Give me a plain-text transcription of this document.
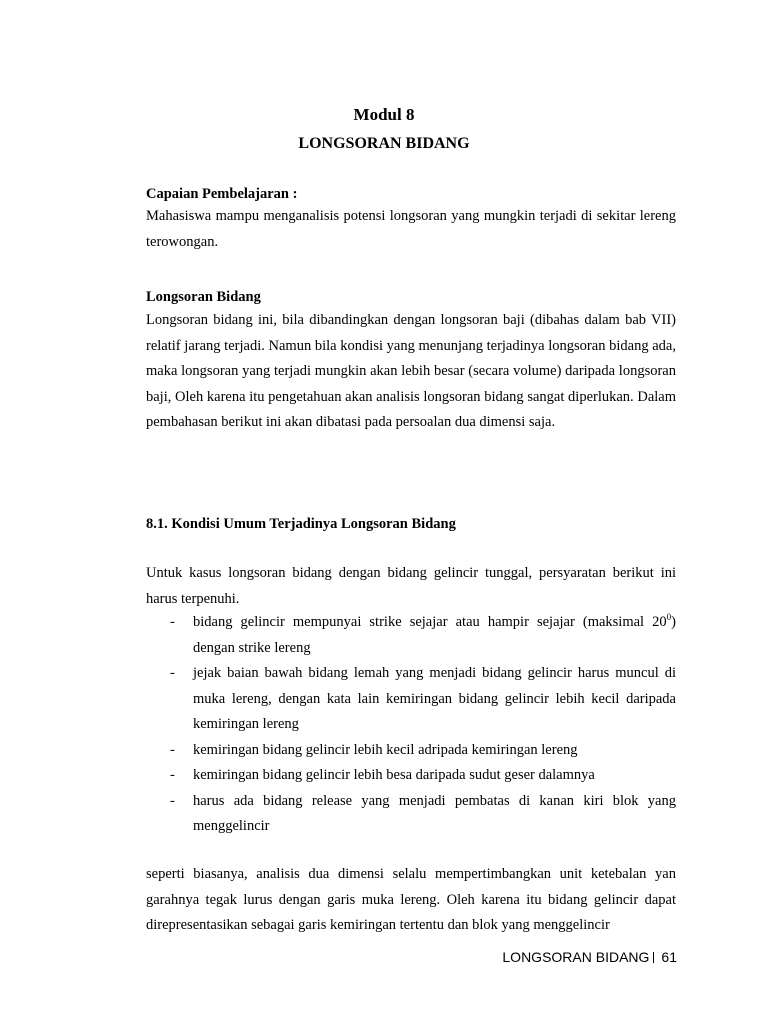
Modul 8
LONGSORAN BIDANG

Capaian Pembelajaran :

Mahasiswa mampu menganalisis potensi longsoran yang mungkin terjadi di sekitar lereng terowongan.

Longsoran Bidang

Longsoran bidang ini, bila dibandingkan dengan longsoran baji (dibahas dalam bab VII) relatif jarang terjadi. Namun bila kondisi yang menunjang terjadinya longsoran bidang ada, maka longsoran yang terjadi mungkin akan lebih besar (secara volume) daripada longsoran baji, Oleh karena itu pengetahuan akan analisis longsoran bidang sangat diperlukan. Dalam pembahasan berikut ini akan dibatasi pada persoalan dua dimensi saja.

8.1. Kondisi Umum Terjadinya Longsoran Bidang

Untuk kasus longsoran bidang dengan bidang gelincir tunggal, persyaratan berikut ini harus terpenuhi.

- bidang gelincir mempunyai strike sejajar atau hampir sejajar (maksimal $20^0$) dengan strike lereng
- jejak baian bawah bidang lemah yang menjadi bidang gelincir harus muncul di muka lereng, dengan kata lain kemiringan bidang gelincir lebih kecil daripada kemiringan lereng
- kemiringan bidang gelincir lebih kecil adripada kemiringan lereng
- kemiringan bidang gelincir lebih besa daripada sudut geser dalamnya
- harus ada bidang release yang menjadi pembatas di kanan kiri blok yang menggelincir

seperti biasanya, analisis dua dimensi selalu mempertimbangkan unit ketebalan yan garahnya tegak lurus dengan garis muka lereng. Oleh karena itu bidang gelincir dapat direpresentasikan sebagai garis kemiringan tertentu dan blok yang menggelincir

LONGSORAN BIDANG 61
